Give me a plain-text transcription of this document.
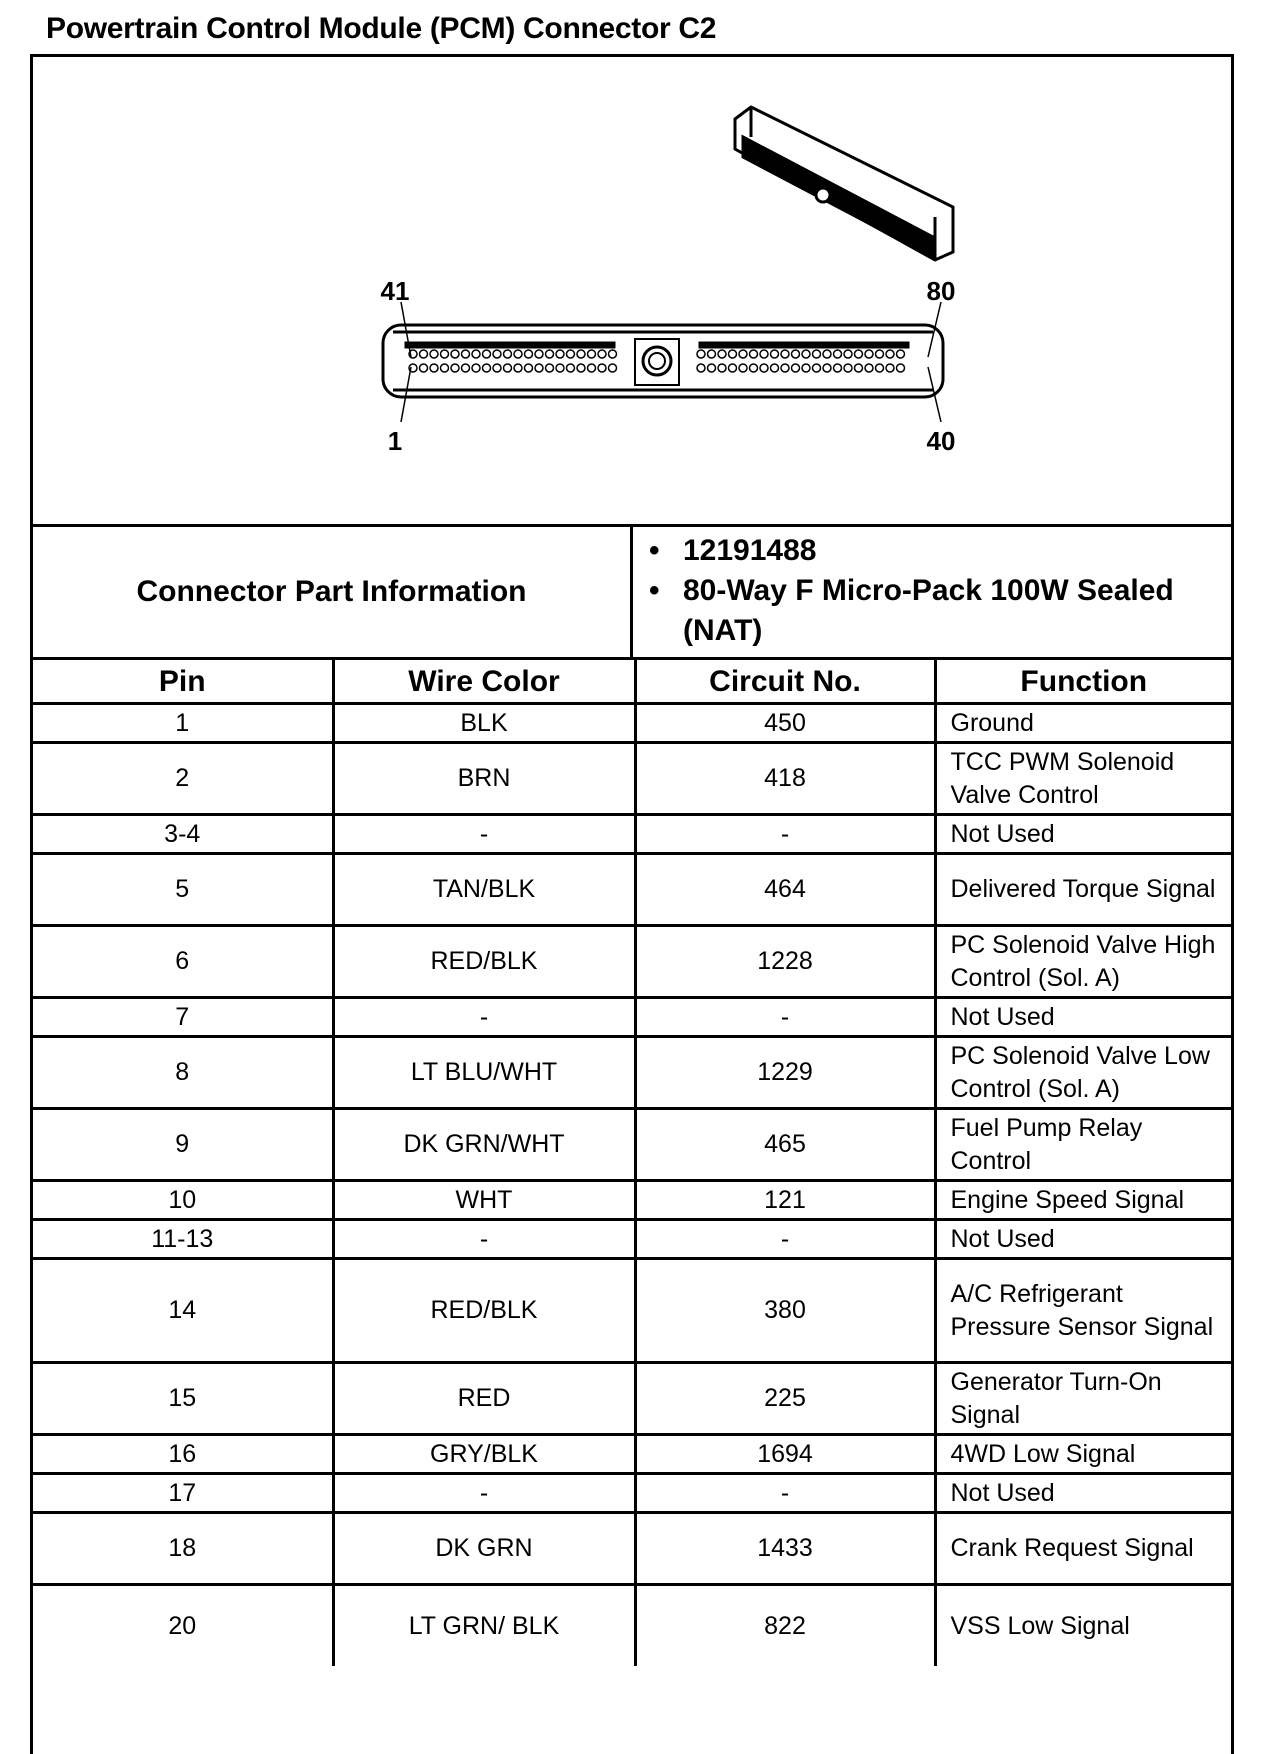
Powertrain Control Module (PCM) Connector C2
41	80
1	40
Connector Part Information
• 12191488
• 80-Way F Micro-Pack 100W Sealed (NAT)
Pin	Wire Color	Circuit No.	Function
1	BLK	450	Ground
2	BRN	418	TCC PWM Solenoid Valve Control
3-4	-	-	Not Used
5	TAN/BLK	464	Delivered Torque Signal
6	RED/BLK	1228	PC Solenoid Valve High Control (Sol. A)
7	-	-	Not Used
8	LT BLU/WHT	1229	PC Solenoid Valve Low Control (Sol. A)
9	DK GRN/WHT	465	Fuel Pump Relay Control
10	WHT	121	Engine Speed Signal
11-13	-	-	Not Used
14	RED/BLK	380	A/C Refrigerant Pressure Sensor Signal
15	RED	225	Generator Turn-On Signal
16	GRY/BLK	1694	4WD Low Signal
17	-	-	Not Used
18	DK GRN	1433	Crank Request Signal
20	LT GRN/ BLK	822	VSS Low Signal
